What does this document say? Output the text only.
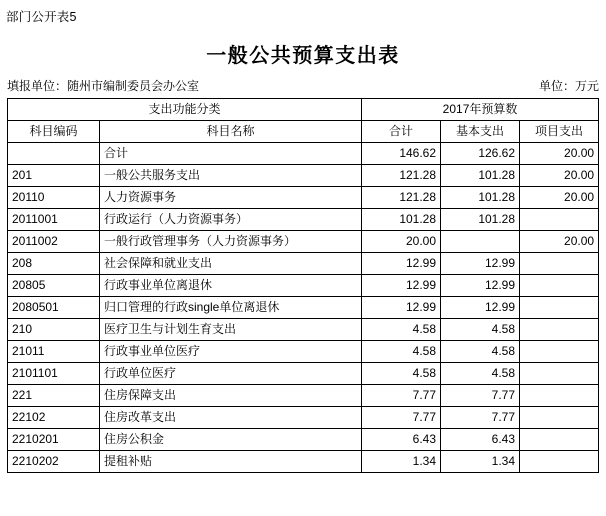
部门公开表5
一般公共预算支出表
填报单位：随州市编制委员会办公室	单位：万元
支出功能分类		2017年预算数		
科目编码	科目名称	合计	基本支出	项目支出
	合计	146.62	126.62	20.00
201	一般公共服务支出	121.28	101.28	20.00
20110	人力资源事务	121.28	101.28	20.00
2011001	行政运行（人力资源事务）	101.28	101.28	
2011002	一般行政管理事务（人力资源事务）	20.00		20.00
208	社会保障和就业支出	12.99	12.99	
20805	行政事业单位离退休	12.99	12.99	
2080501	归口管理的行政single单位离退休	12.99	12.99	
210	医疗卫生与计划生育支出	4.58	4.58	
21011	行政事业单位医疗	4.58	4.58	
2101101	行政单位医疗	4.58	4.58	
221	住房保障支出	7.77	7.77	
22102	住房改革支出	7.77	7.77	
2210201	住房公积金	6.43	6.43	
2210202	提租补贴	1.34	1.34	
